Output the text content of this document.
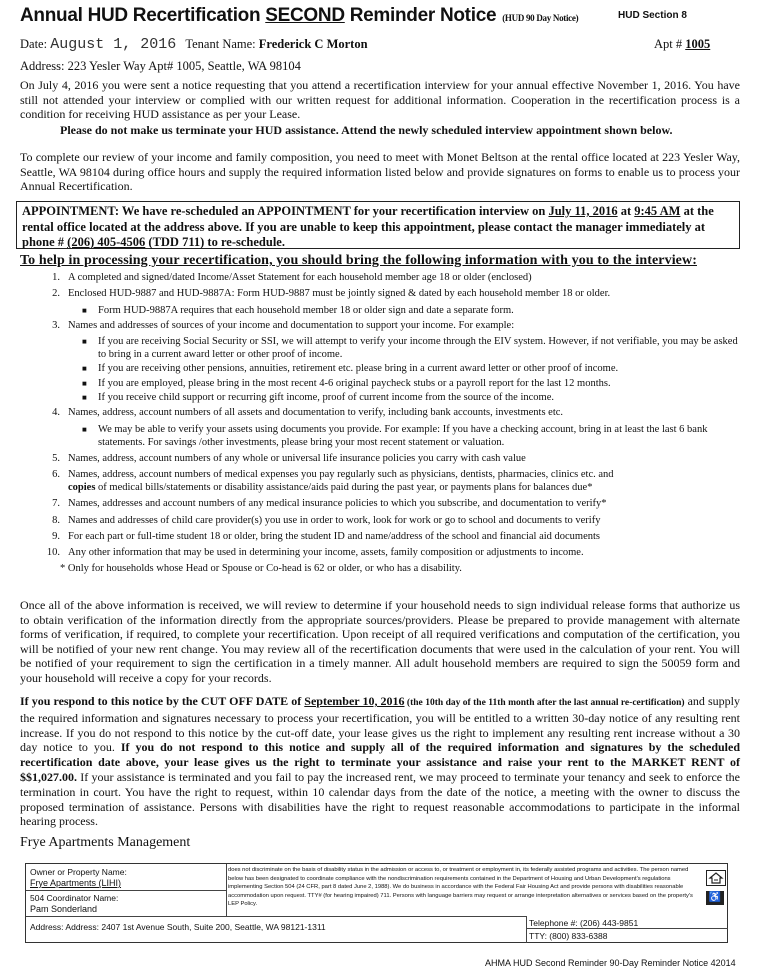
Annual HUD Recertification SECOND Reminder Notice (HUD 90 Day Notice)	HUD Section 8
Date: August 1, 2016 Tenant Name: Frederick C Morton	Apt # 1005
Address: 223 Yesler Way Apt# 1005, Seattle, WA 98104

On July 4, 2016 you were sent a notice requesting that you attend a recertification interview for your annual effective November 1, 2016. You have still not attended your interview or complied with our written request for additional information. Cooperation in the recertification process is a condition for receiving HUD assistance as per your Lease.

Please do not make us terminate your HUD assistance. Attend the newly scheduled interview appointment shown below.

To complete our review of your income and family composition, you need to meet with Monet Beltson at the rental office located at 223 Yesler Way, Seattle, WA 98104 during office hours and supply the required information listed below and provide signatures on forms to enable us to process your Annual Recertification.
APPOINTMENT: We have re-scheduled an APPOINTMENT for your recertification interview on July 11, 2016 at 9:45 AM at the rental office located at the address above. If you are unable to keep this appointment, please contact the manager immediately at phone # (206) 405-4506 (TDD 711) to re-schedule.
To help in processing your recertification, you should bring the following information with you to the interview:
1. A completed and signed/dated Income/Asset Statement for each household member age 18 or older (enclosed)
2. Enclosed HUD-9887 and HUD-9887A: Form HUD-9887 must be jointly signed & dated by each household member 18 or older.
■	Form HUD-9887A requires that each household member 18 or older sign and date a separate form.
3. Names and addresses of sources of your income and documentation to support your income. For example:
■	If you are receiving Social Security or SSI, we will attempt to verify your income through the EIV system. However, if not verifiable, you may be asked to bring in a current award letter or other proof of income.
■	If you are receiving other pensions, annuities, retirement etc. please bring in a current award letter or other proof of income.
■	If you are employed, please bring in the most recent 4-6 original paycheck stubs or a payroll report for the last 12 months.
■	If you receive child support or recurring gift income, proof of current income from the source of the income.
4. Names, address, account numbers of all assets and documentation to verify, including bank accounts, investments etc.
■	We may be able to verify your assets using documents you provide. For example: If you have a checking account, bring in at least the last 6 bank statements. For savings /other investments, please bring your most recent statement or valuation.
5. Names, address, account numbers of any whole or universal life insurance policies you carry with cash value
6. Names, address, account numbers of medical expenses you pay regularly such as physicians, dentists, pharmacies, clinics etc. and
copies of medical bills/statements or disability assistance/aids paid during the past year, or payments plans for balances due*
7. Names, addresses and account numbers of any medical insurance policies to which you subscribe, and documentation to verify*
8. Names and addresses of child care provider(s) you use in order to work, look for work or go to school and documents to verify
9. For each part or full-time student 18 or older, bring the student ID and name/address of the school and financial aid documents
10. Any other information that may be used in determining your income, assets, family composition or adjustments to income.
* Only for households whose Head or Spouse or Co-head is 62 or older, or who has a disability.
Once all of the above information is received, we will review to determine if your household needs to sign individual release forms that authorize us to obtain verification of the information directly from the appropriate sources/providers. Please be prepared to provide management with alternate forms of verification, if required, to complete your recertification. Upon receipt of all required verifications and computation of the certification, you will be notified of your new rent change. You may review all of the recertification documents that were used in the calculation of your rent. You will be notified of your requirement to sign the certification in a timely manner. All adult household members are required to sign the 50059 form and your household will receive a copy for your records.
If you respond to this notice by the CUT OFF DATE of September 10, 2016 (the 10th day of the 11th month after the last annual re-certification) and supply the required information and signatures necessary to process your recertification, you will be entitled to a written 30-day notice of any resulting rent increase. If you do not respond to this notice by the cut-off date, your lease gives us the right to implement any resulting rent increase without a 30 day notice to you. If you do not respond to this notice and supply all of the required information and signatures by the scheduled recertification date above, your lease gives us the right to terminate your assistance and raise your rent to the MARKET RENT of $$1,027.00. If your assistance is terminated and you fail to pay the increased rent, we may proceed to terminate your tenancy and seek to enforce the termination in court. You have the right to request, within 10 calendar days from the date of the notice, a meeting with the owner to discuss the proposed termination of assistance. Persons with disabilities have the right to request reasonable accommodations to participate in the informal hearing process.
Frye Apartments Management
Owner or Property Name:
Frye Apartments (LIHI)
504 Coordinator Name:
Pam Sonderland
does not discriminate on the basis of disability status in the admission or access to, or treatment or employment in, its federally assisted programs and activities. The person named below has been designated to coordinate compliance with the nondiscrimination requirements contained in the Department of Housing and Urban Development's regulations implementing Section 504 (24 CFR, part 8 dated June 2, 1988). We do business in accordance with the Federal Fair Housing Act and provide persons with disabilities reasonable accommodation upon request. TTY# (for hearing impaired) 711. Persons with language barriers may request or arrange interpretation alternatives or services based on the property's LEP Policy.
♿
Address: Address: 2407 1st Avenue South, Suite 200, Seattle, WA 98121-1311	Telephone #: (206) 443-9851
TTY: (800) 833-6388
AHMA HUD Second Reminder 90-Day Reminder Notice 42014
